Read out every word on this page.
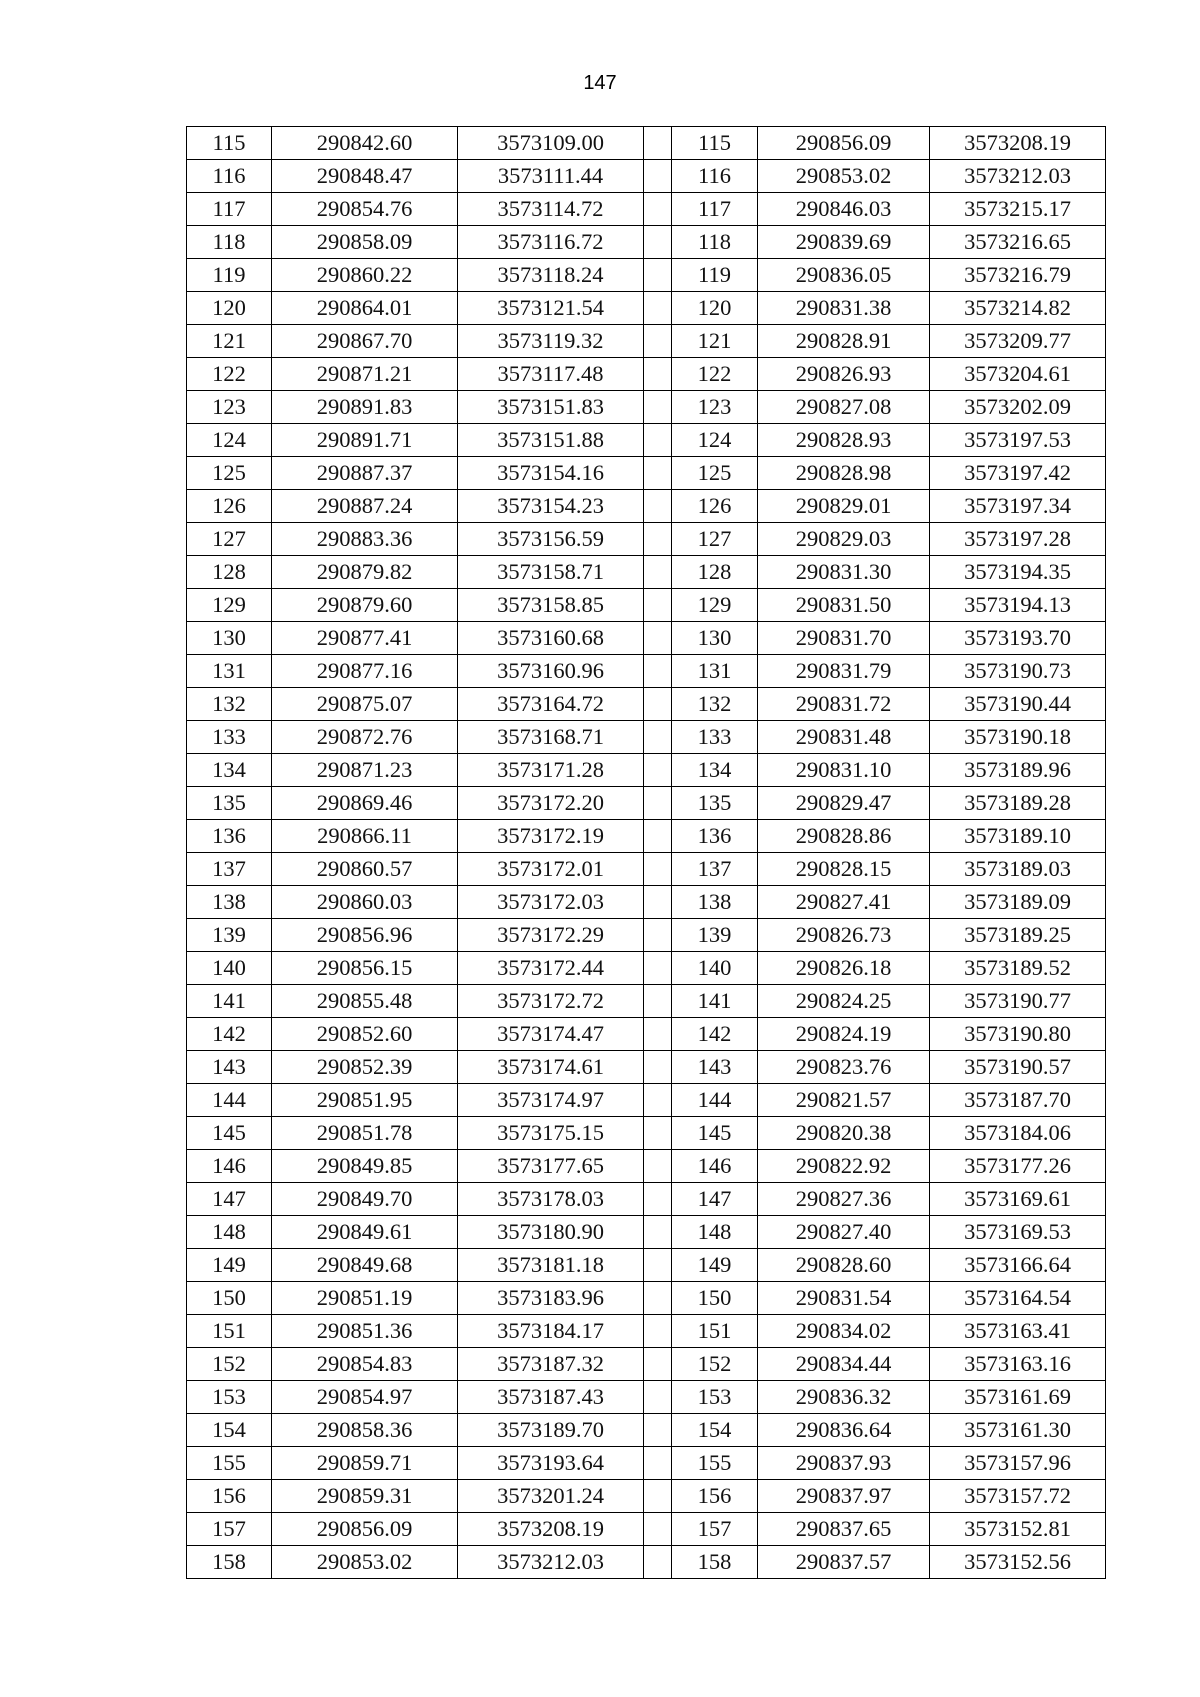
147
115	290842.60	3573109.00		115	290856.09	3573208.19
116	290848.47	3573111.44		116	290853.02	3573212.03
117	290854.76	3573114.72		117	290846.03	3573215.17
118	290858.09	3573116.72		118	290839.69	3573216.65
119	290860.22	3573118.24		119	290836.05	3573216.79
120	290864.01	3573121.54		120	290831.38	3573214.82
121	290867.70	3573119.32		121	290828.91	3573209.77
122	290871.21	3573117.48		122	290826.93	3573204.61
123	290891.83	3573151.83		123	290827.08	3573202.09
124	290891.71	3573151.88		124	290828.93	3573197.53
125	290887.37	3573154.16		125	290828.98	3573197.42
126	290887.24	3573154.23		126	290829.01	3573197.34
127	290883.36	3573156.59		127	290829.03	3573197.28
128	290879.82	3573158.71		128	290831.30	3573194.35
129	290879.60	3573158.85		129	290831.50	3573194.13
130	290877.41	3573160.68		130	290831.70	3573193.70
131	290877.16	3573160.96		131	290831.79	3573190.73
132	290875.07	3573164.72		132	290831.72	3573190.44
133	290872.76	3573168.71		133	290831.48	3573190.18
134	290871.23	3573171.28		134	290831.10	3573189.96
135	290869.46	3573172.20		135	290829.47	3573189.28
136	290866.11	3573172.19		136	290828.86	3573189.10
137	290860.57	3573172.01		137	290828.15	3573189.03
138	290860.03	3573172.03		138	290827.41	3573189.09
139	290856.96	3573172.29		139	290826.73	3573189.25
140	290856.15	3573172.44		140	290826.18	3573189.52
141	290855.48	3573172.72		141	290824.25	3573190.77
142	290852.60	3573174.47		142	290824.19	3573190.80
143	290852.39	3573174.61		143	290823.76	3573190.57
144	290851.95	3573174.97		144	290821.57	3573187.70
145	290851.78	3573175.15		145	290820.38	3573184.06
146	290849.85	3573177.65		146	290822.92	3573177.26
147	290849.70	3573178.03		147	290827.36	3573169.61
148	290849.61	3573180.90		148	290827.40	3573169.53
149	290849.68	3573181.18		149	290828.60	3573166.64
150	290851.19	3573183.96		150	290831.54	3573164.54
151	290851.36	3573184.17		151	290834.02	3573163.41
152	290854.83	3573187.32		152	290834.44	3573163.16
153	290854.97	3573187.43		153	290836.32	3573161.69
154	290858.36	3573189.70		154	290836.64	3573161.30
155	290859.71	3573193.64		155	290837.93	3573157.96
156	290859.31	3573201.24		156	290837.97	3573157.72
157	290856.09	3573208.19		157	290837.65	3573152.81
158	290853.02	3573212.03		158	290837.57	3573152.56
